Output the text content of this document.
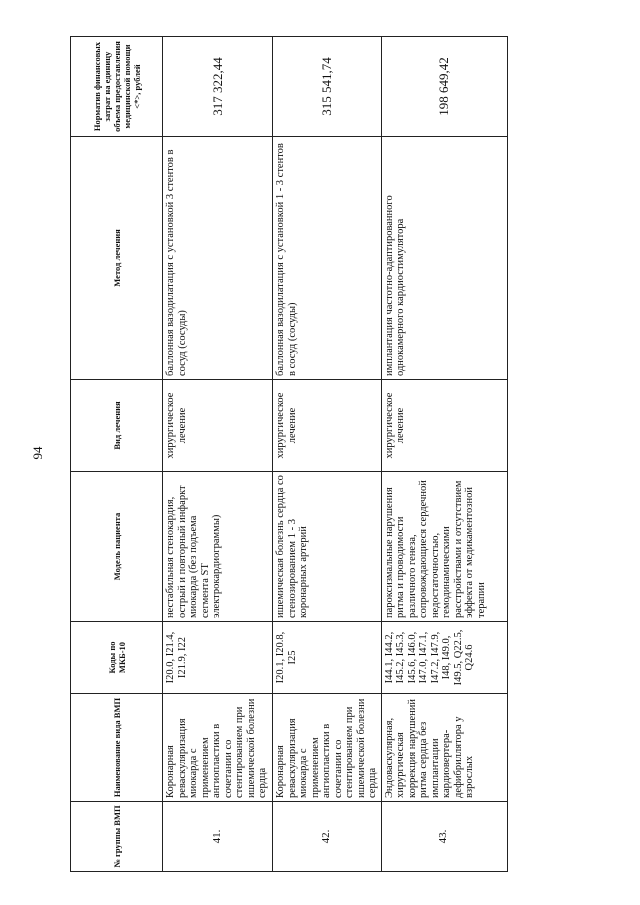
94
№ группы ВМП	Наименование вида ВМП	Коды по МКБ-10	Модель пациента	Вид лечения	Метод лечения	Норматив финансовых затрат на единицу объема предоставления медицинской помощи <*>, рублей
41.	Коронарная реваскуляризация миокарда с применением ангиопластики в сочетании со стентированием при ишемической болезни сердца	I20.0, I21.4, I21.9, I22	нестабильная стенокардия, острый и повторный инфаркт миокарда (без подъема сегмента ST электрокардиограммы)	хирургическое лечение	баллонная вазодилатация с установкой 3 стентов в сосуд (сосуды)	317 322,44
42.	Коронарная реваскуляризация миокарда с применением ангиопластики в сочетании со стентированием при ишемической болезни сердца	I20.1, I20.8, I25	ишемическая болезнь сердца со стенозированием 1 - 3 коронарных артерий	хирургическое лечение	баллонная вазодилатация с установкой 1 - 3 стентов в сосуд (сосуды)	315 541,74
43.	Эндоваскулярная, хирургическая коррекция нарушений ритма сердца без имплантации кардиовертера-дефибриллятора у взрослых	I44.1, I44.2, I45.2, I45.3, I45.6, I46.0, I47.0, I47.1, I47.2, I47.9, I48, I49.0, I49.5, Q22.5, Q24.6	пароксизмальные нарушения ритма и проводимости различного генеза, сопровождающиеся сердечной недостаточностью, гемодинамическими расстройствами и отсутствием эффекта от медикаментозной терапии	хирургическое лечение	имплантация частотно-адаптированного однокамерного кардиостимулятора	198 649,42
